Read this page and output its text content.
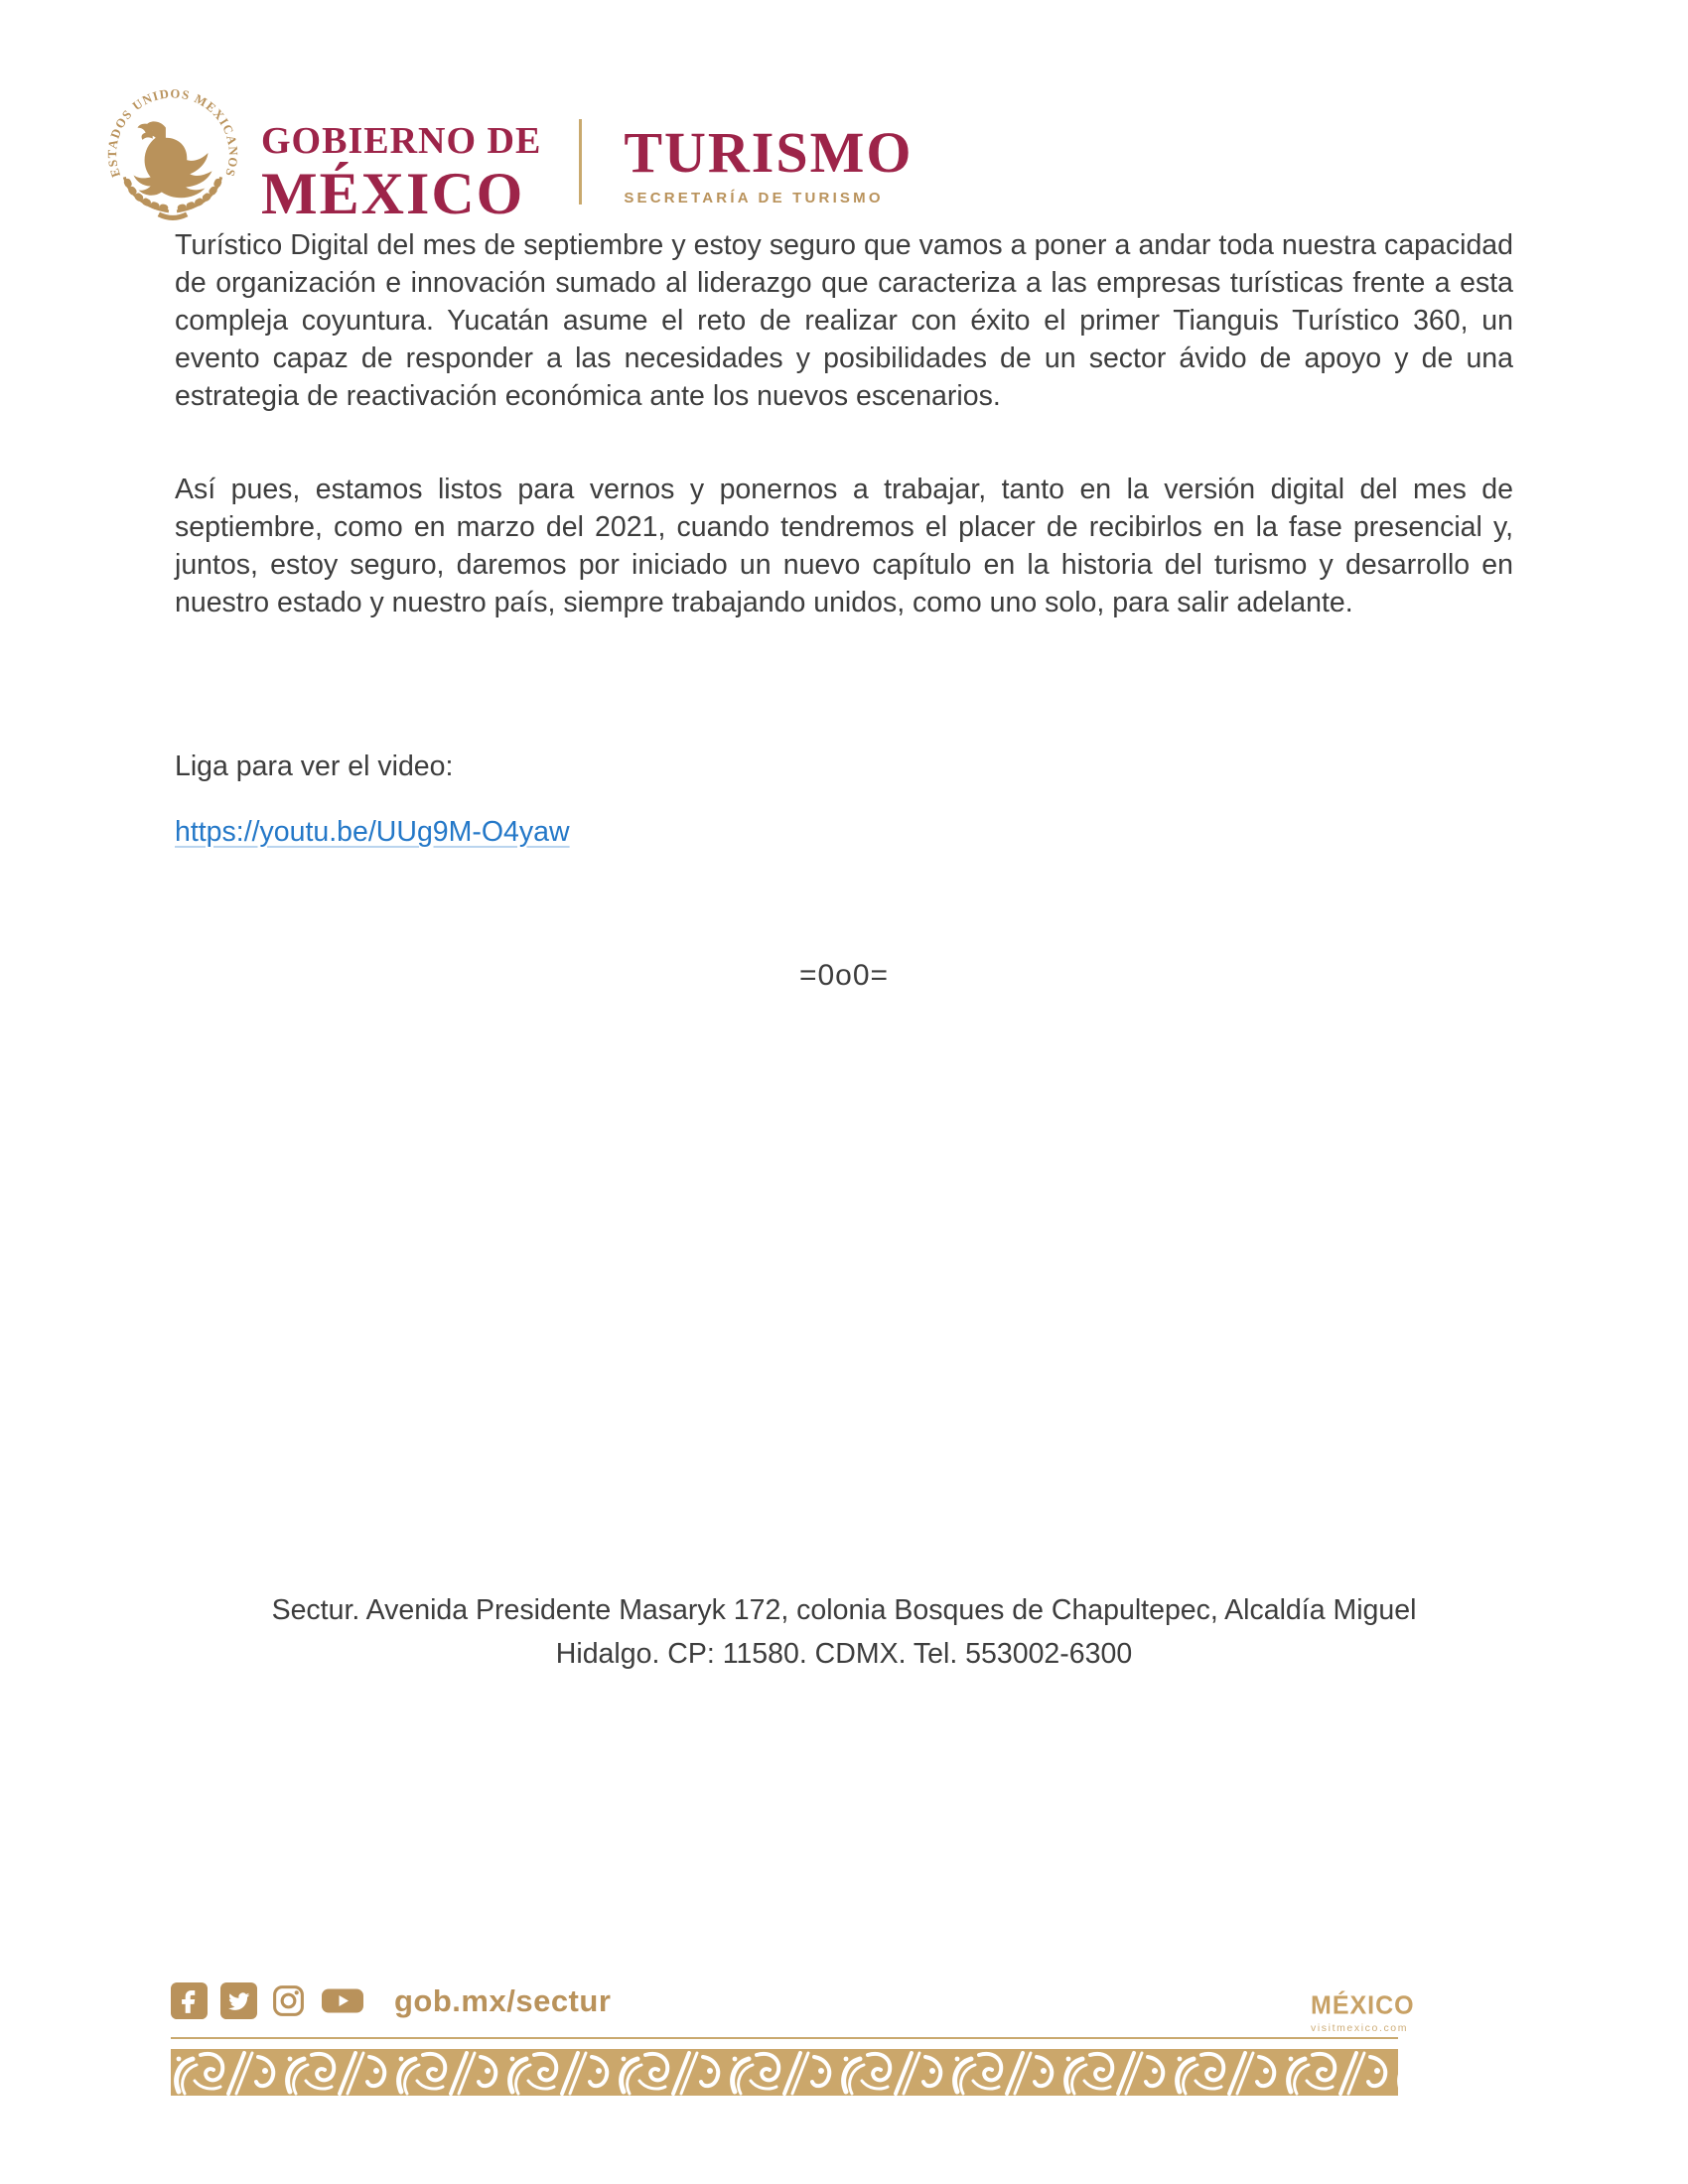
ESTADOS UNIDOS MEXICANOS
GOBIERNO DE
MÉXICO
TURISMO
SECRETARÍA DE TURISMO

Turístico Digital del mes de septiembre y estoy seguro que vamos a poner a andar toda nuestra capacidad de organización e innovación sumado al liderazgo que caracteriza a las empresas turísticas frente a esta compleja coyuntura. Yucatán asume el reto de realizar con éxito el primer Tianguis Turístico 360, un evento capaz de responder a las necesidades y posibilidades de un sector ávido de apoyo y de una estrategia de reactivación económica ante los nuevos escenarios.

Así pues, estamos listos para vernos y ponernos a trabajar, tanto en la versión digital del mes de septiembre, como en marzo del 2021, cuando tendremos el placer de recibirlos en la fase presencial y, juntos, estoy seguro, daremos por iniciado un nuevo capítulo en la historia del turismo y desarrollo en nuestro estado y nuestro país, siempre trabajando unidos, como uno solo, para salir adelante.

Liga para ver el video:
https://youtu.be/UUg9M-O4yaw
=0o0=
Sectur. Avenida Presidente Masaryk 172, colonia Bosques de Chapultepec, Alcaldía Miguel
Hidalgo. CP: 11580. CDMX. Tel. 553002-6300
gob.mx/sectur	MÉXICO
visitmexico.com
